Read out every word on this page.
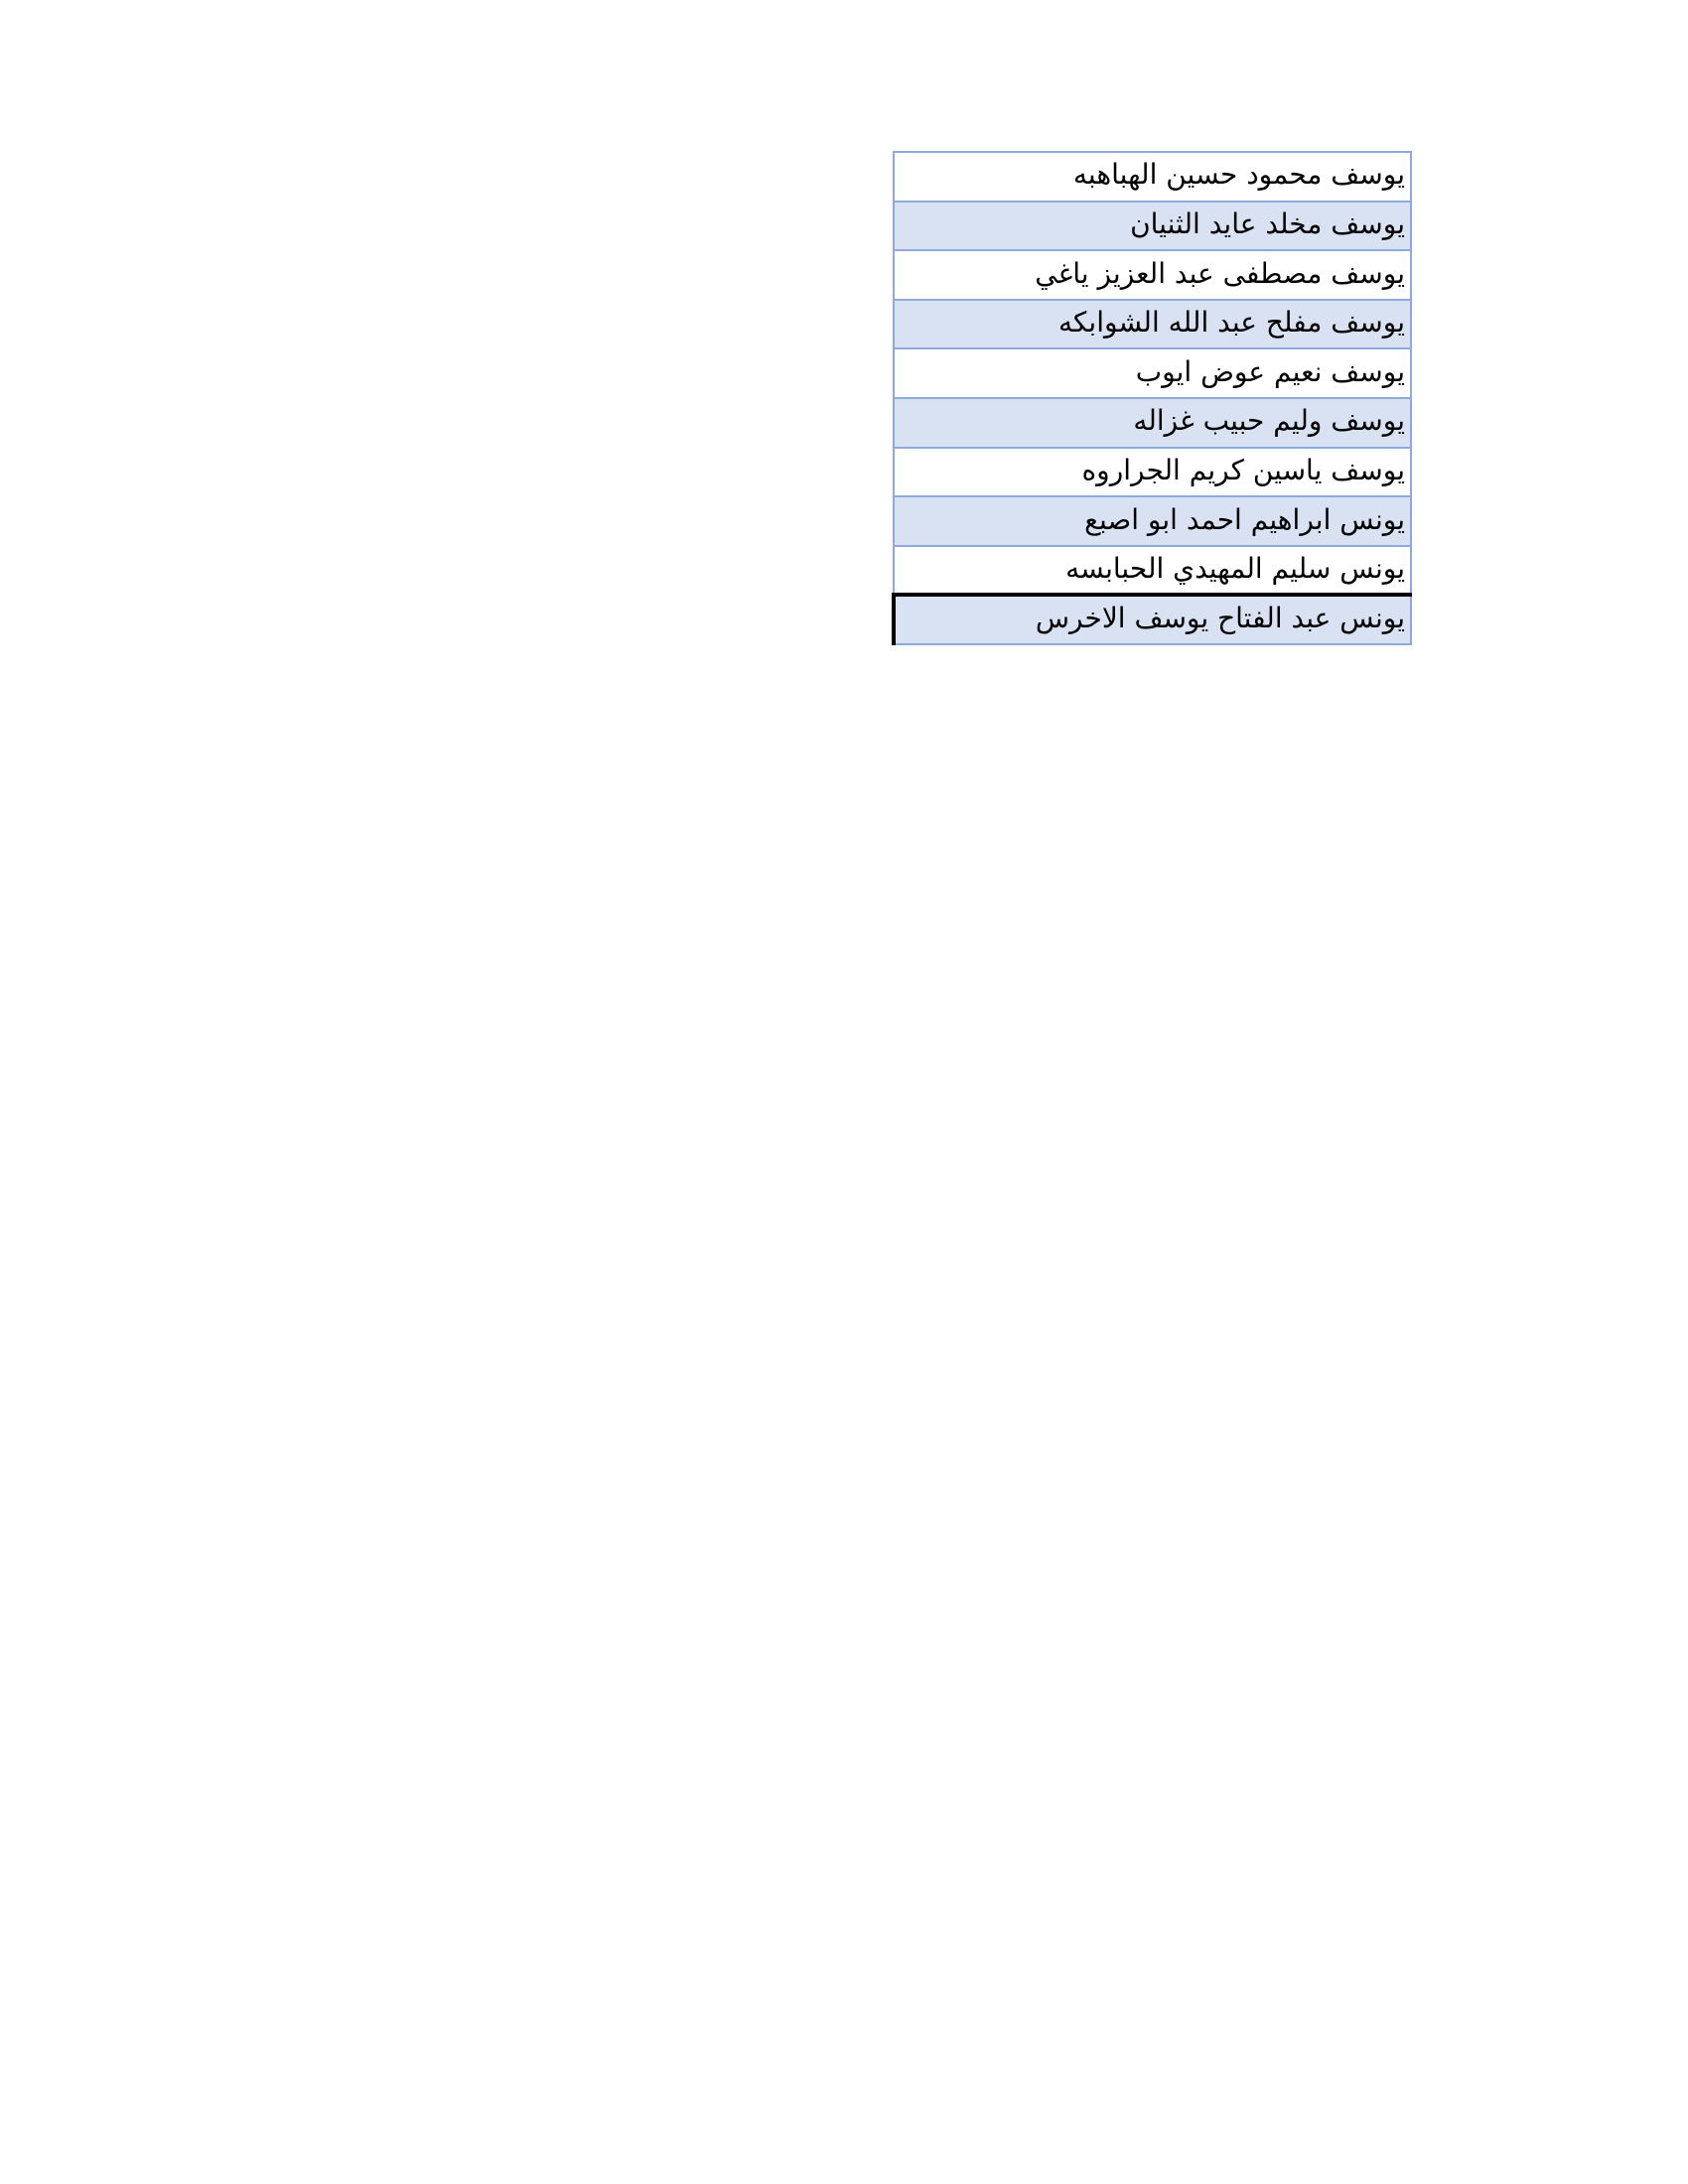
يوسف محمود حسين الهباهبه
يوسف مخلد عايد الثنيان
يوسف مصطفى عبد العزيز ياغي
يوسف مفلح عبد الله الشوابكه
يوسف نعيم عوض ايوب
يوسف وليم حبيب غزاله
يوسف ياسين كريم الجراروه
يونس ابراهيم احمد ابو اصبع
يونس سليم المهيدي الحبابسه
يونس عبد الفتاح يوسف الاخرس
